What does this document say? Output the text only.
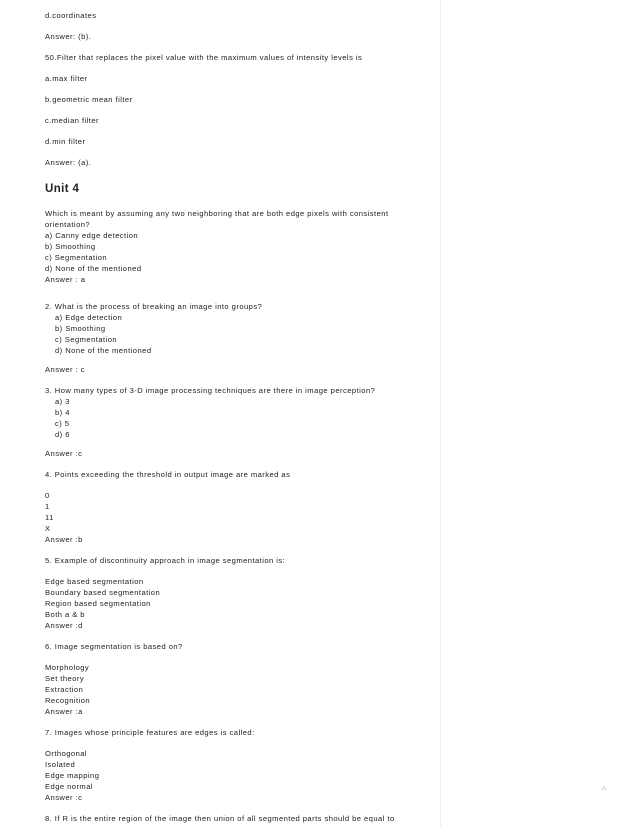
d.coordinates
Answer: (b).
50.Filter that replaces the pixel value with the maximum values of intensity levels is
a.max filter
b.geometric mean filter
c.median filter
d.min filter
Answer: (a).
Unit 4
Which is meant by assuming any two neighboring that are both edge pixels with consistent orientation?
a) Canny edge detection
b) Smoothing
c) Segmentation
d) None of the mentioned
Answer : a
2. What is the process of breaking an image into groups?
a) Edge detection
b) Smoothing
c) Segmentation
d) None of the mentioned
Answer : c
3. How many types of 3-D image processing techniques are there in image perception?
a) 3
b) 4
c) 5
d) 6
Answer :c
4. Points exceeding the threshold in output image are marked as
0
1
11
X
Answer :b
5. Example of discontinuity approach in image segmentation is:
Edge based segmentation
Boundary based segmentation
Region based segmentation
Both a & b
Answer :d
6. Image segmentation is based on?
Morphology
Set theory
Extraction
Recognition
Answer :a
7. Images whose principle features are edges is called:
Orthogonal
Isolated
Edge mapping
Edge normal
Answer :c
8. If R is the entire region of the image then union of all segmented parts should be equal to
^
